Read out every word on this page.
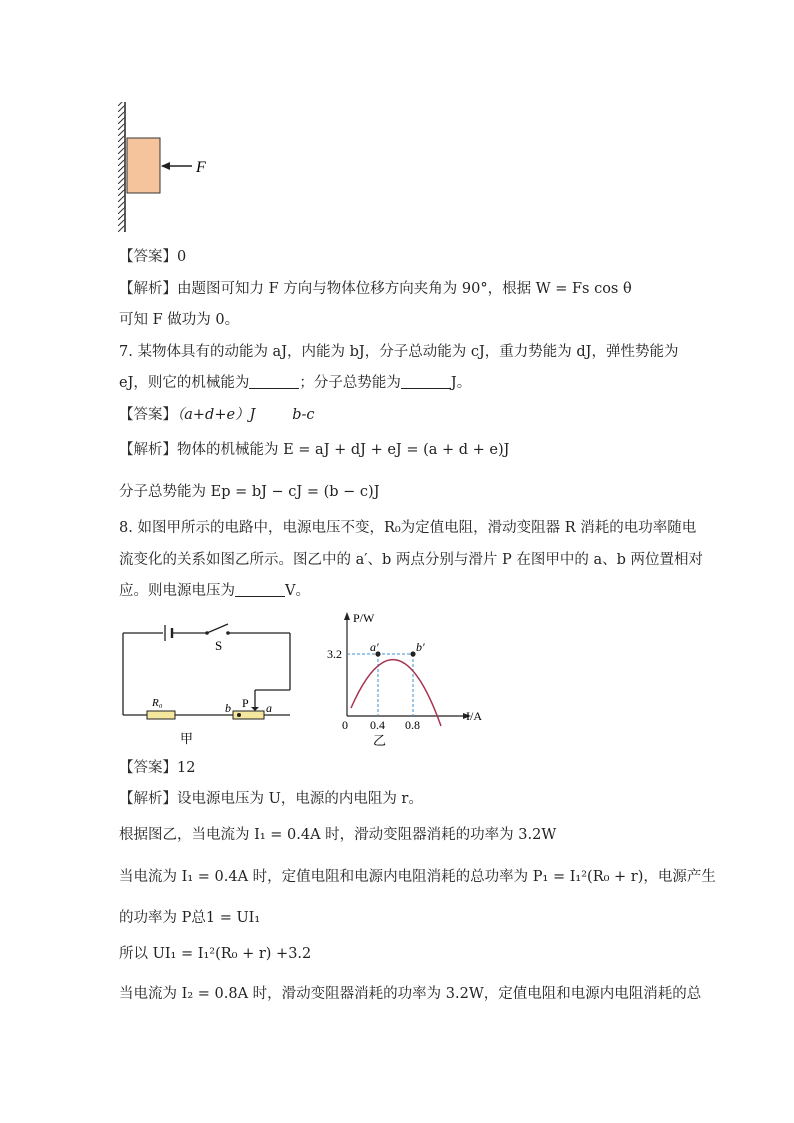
F
【答案】0
【解析】由题图可知力 F 方向与物体位移方向夹角为 90°，根据 W = Fs cos θ
可知 F 做功为 0。
7. 某物体具有的动能为 aJ，内能为 bJ，分子总动能为 cJ，重力势能为 dJ，弹性势能为
eJ，则它的机械能为	；分子总势能为	J。
【答案】（a+d+e）J        b-c
【解析】物体的机械能为 E = aJ + dJ + eJ = (a + d + e)J
分子总势能为 Ep = bJ − cJ = (b − c)J
8. 如图甲所示的电路中，电源电压不变，R₀为定值电阻，滑动变阻器 R 消耗的电功率随电
流变化的关系如图乙所示。图乙中的 a′、b 两点分别与滑片 P 在图甲中的 a、b 两位置相对
应。则电源电压为	V。
S
R₀	P
b	a
甲
P/W
I/A
0
3.2
0.4 0.8
a′	b′
乙
【答案】12
【解析】设电源电压为 U，电源的内电阻为 r。
根据图乙，当电流为 I₁ = 0.4A 时，滑动变阻器消耗的功率为 3.2W
当电流为 I₁ = 0.4A 时，定值电阻和电源内电阻消耗的总功率为 P₁ = I₁²(R₀ + r)，电源产生
的功率为 P总1 = UI₁
所以 UI₁ = I₁²(R₀ + r) +3.2
当电流为 I₂ = 0.8A 时，滑动变阻器消耗的功率为 3.2W，定值电阻和电源内电阻消耗的总
